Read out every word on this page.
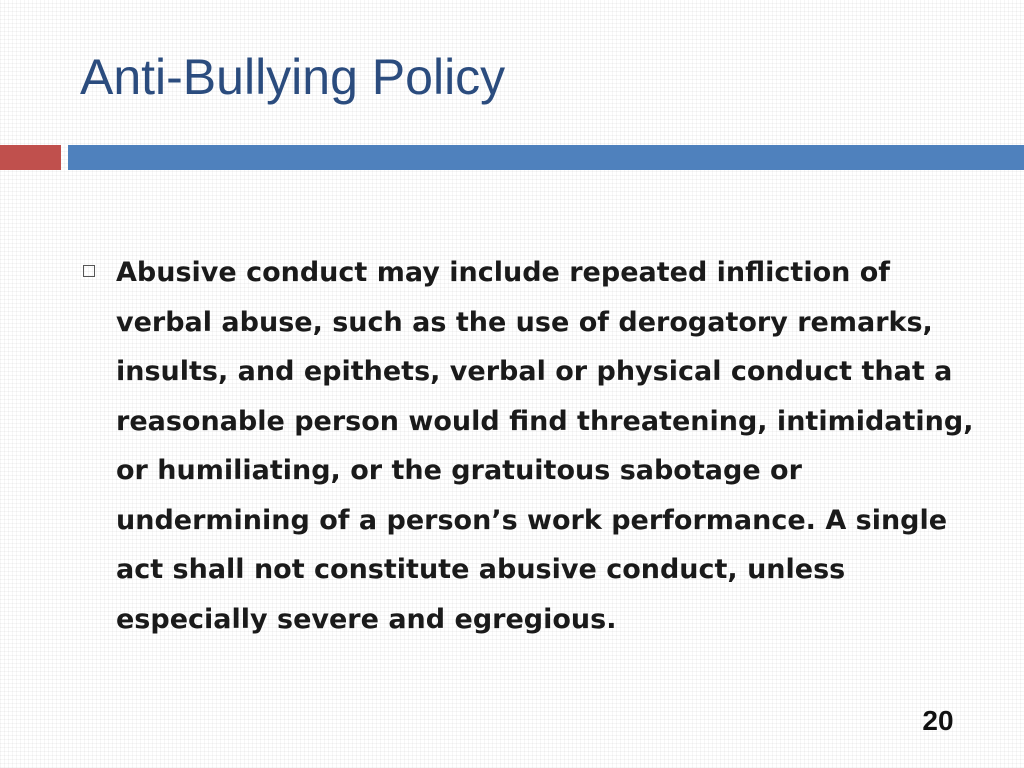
Anti-Bullying Policy
Abusive conduct may include repeated infliction of verbal abuse, such as the use of derogatory remarks, insults, and epithets, verbal or physical conduct that a reasonable person would find threatening, intimidating, or humiliating, or the gratuitous sabotage or undermining of a person’s work performance. A single act shall not constitute abusive conduct, unless especially severe and egregious.
20
